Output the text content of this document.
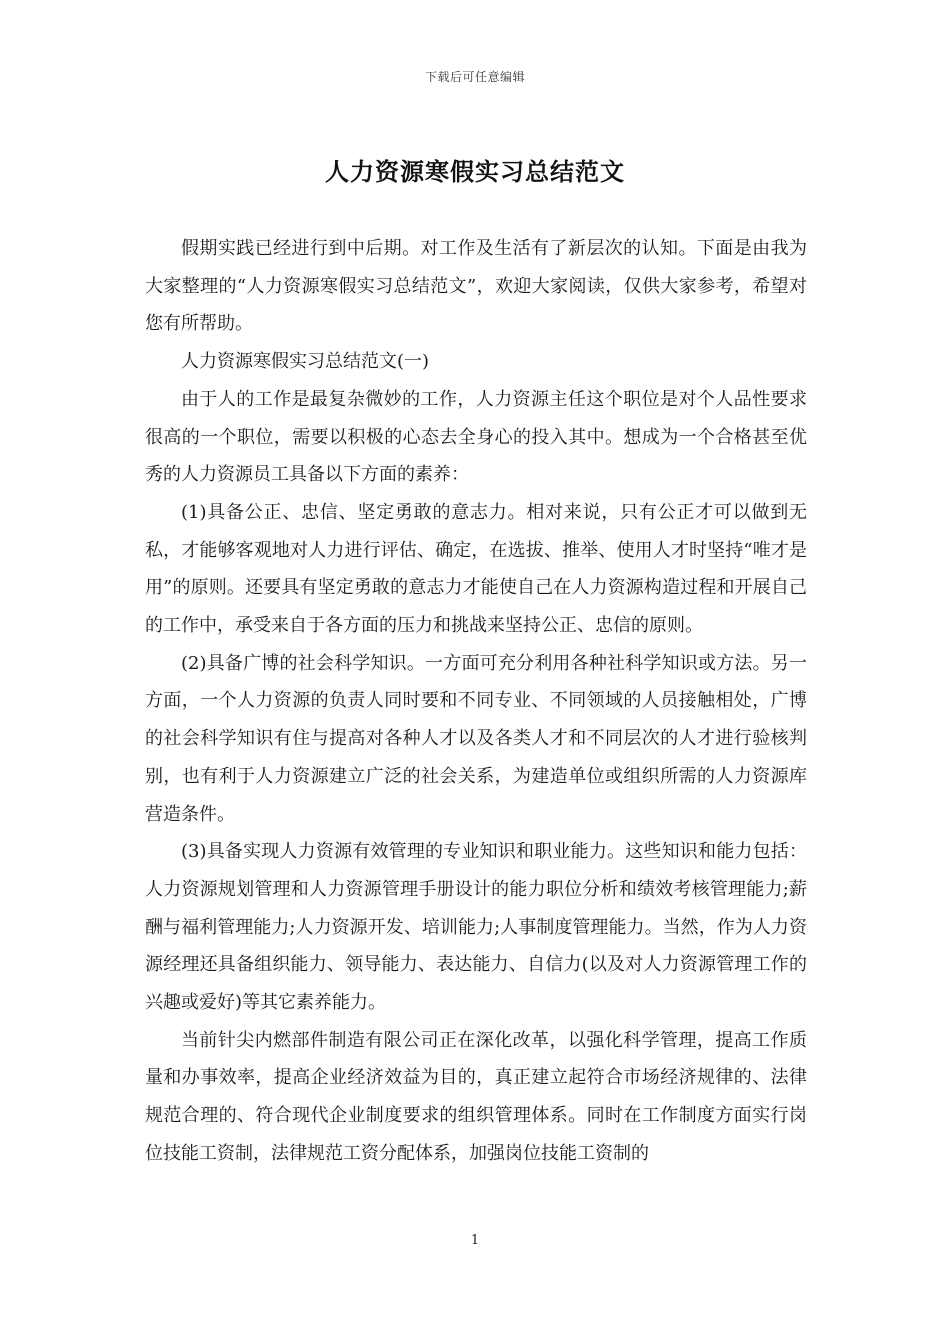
下载后可任意编辑
人力资源寒假实习总结范文

假期实践已经进行到中后期。对工作及生活有了新层次的认知。下面是由我为大家整理的“人力资源寒假实习总结范文”，欢迎大家阅读，仅供大家参考，希望对您有所帮助。

人力资源寒假实习总结范文(一)

由于人的工作是最复杂微妙的工作，人力资源主任这个职位是对个人品性要求很高的一个职位，需要以积极的心态去全身心的投入其中。想成为一个合格甚至优秀的人力资源员工具备以下方面的素养：

(1)具备公正、忠信、坚定勇敢的意志力。相对来说，只有公正才可以做到无私，才能够客观地对人力进行评估、确定，在选拔、推举、使用人才时坚持“唯才是用”的原则。还要具有坚定勇敢的意志力才能使自己在人力资源构造过程和开展自己的工作中，承受来自于各方面的压力和挑战来坚持公正、忠信的原则。

(2)具备广博的社会科学知识。一方面可充分利用各种社科学知识或方法。另一方面，一个人力资源的负责人同时要和不同专业、不同领域的人员接触相处，广博的社会科学知识有住与提高对各种人才以及各类人才和不同层次的人才进行验核判别，也有利于人力资源建立广泛的社会关系，为建造单位或组织所需的人力资源库营造条件。

(3)具备实现人力资源有效管理的专业知识和职业能力。这些知识和能力包括：人力资源规划管理和人力资源管理手册设计的能力职位分析和绩效考核管理能力;薪酬与福利管理能力;人力资源开发、培训能力;人事制度管理能力。当然，作为人力资源经理还具备组织能力、领导能力、表达能力、自信力(以及对人力资源管理工作的兴趣或爱好)等其它素养能力。

当前针尖内燃部件制造有限公司正在深化改革，以强化科学管理，提高工作质量和办事效率，提高企业经济效益为目的，真正建立起符合市场经济规律的、法律规范合理的、符合现代企业制度要求的组织管理体系。同时在工作制度方面实行岗位技能工资制，法律规范工资分配体系，加强岗位技能工资制的

1
